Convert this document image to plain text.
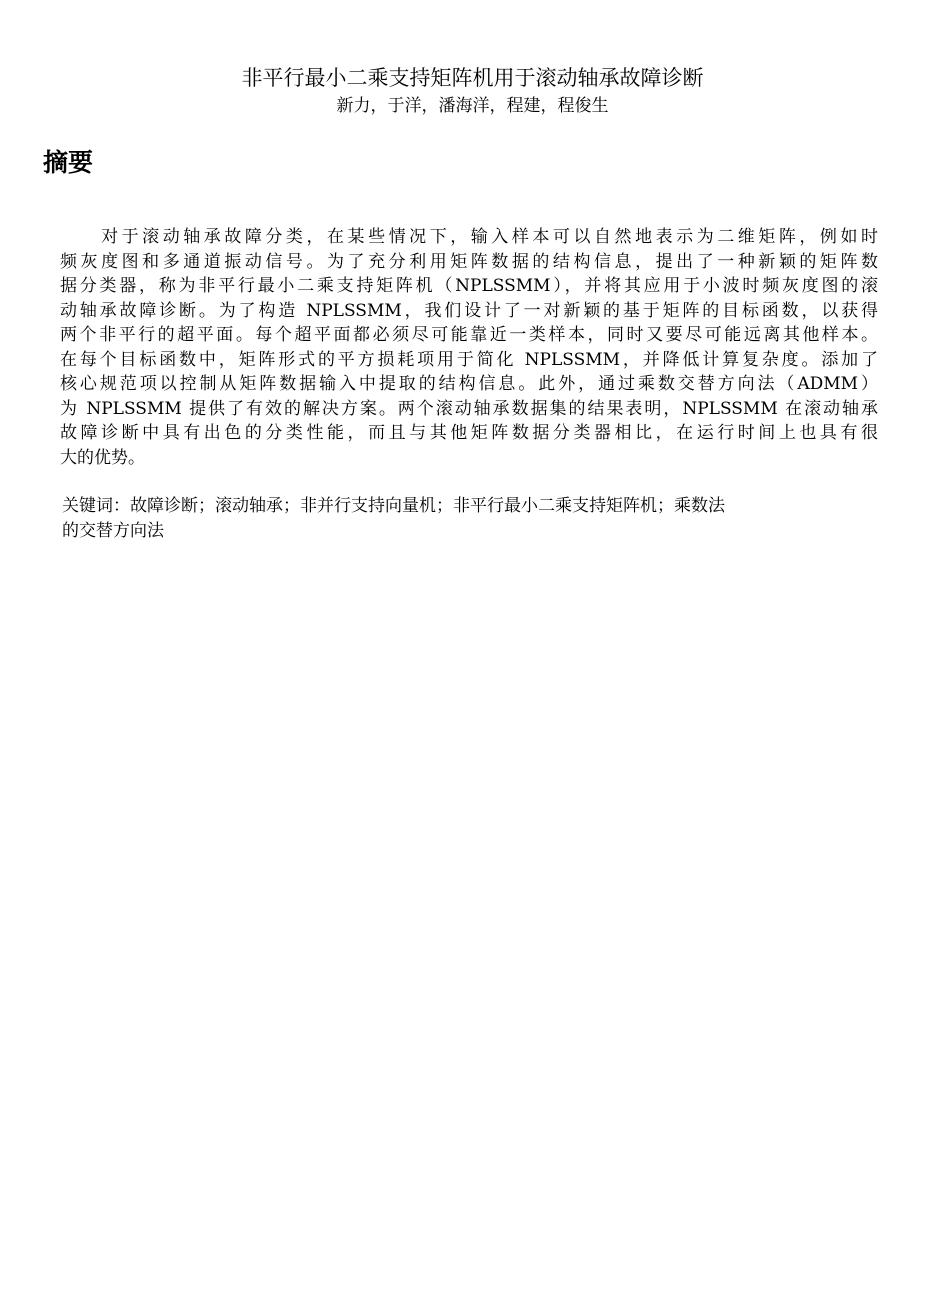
非平行最小二乘支持矩阵机用于滚动轴承故障诊断
新力，于洋，潘海洋，程建，程俊生
摘要
　　对于滚动轴承故障分类，在某些情况下，输入样本可以自然地表示为二维矩阵，例如时
频灰度图和多通道振动信号。为了充分利用矩阵数据的结构信息，提出了一种新颖的矩阵数
据分类器，称为非平行最小二乘支持矩阵机（NPLSSMM），并将其应用于小波时频灰度图的滚
动轴承故障诊断。为了构造 NPLSSMM，我们设计了一对新颖的基于矩阵的目标函数，以获得
两个非平行的超平面。每个超平面都必须尽可能靠近一类样本，同时又要尽可能远离其他样本。
在每个目标函数中，矩阵形式的平方损耗项用于简化 NPLSSMM，并降低计算复杂度。添加了
核心规范项以控制从矩阵数据输入中提取的结构信息。此外，通过乘数交替方向法（ADMM）
为 NPLSSMM 提供了有效的解决方案。两个滚动轴承数据集的结果表明，NPLSSMM 在滚动轴承
故障诊断中具有出色的分类性能，而且与其他矩阵数据分类器相比，在运行时间上也具有很
大的优势。
关键词：故障诊断；滚动轴承；非并行支持向量机；非平行最小二乘支持矩阵机；乘数法
的交替方向法
